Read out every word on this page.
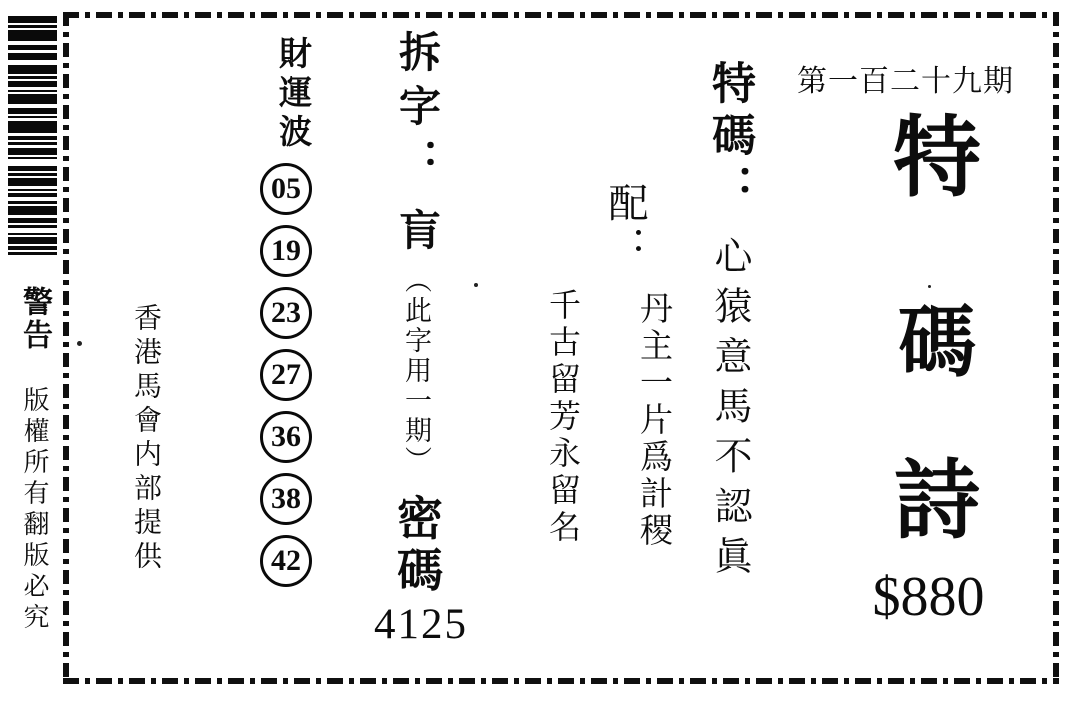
警告
版權所有翻版必究	香港馬會内部提供
財運波
05
19
23
27
36
38
42
拆字： 肓 （此字用一期） 密碼
4125
配：
丹主一片爲計稷
千古留芳永留名
特碼： 心猿意馬不認眞
第一百二十九期
特
碼
詩
$880
